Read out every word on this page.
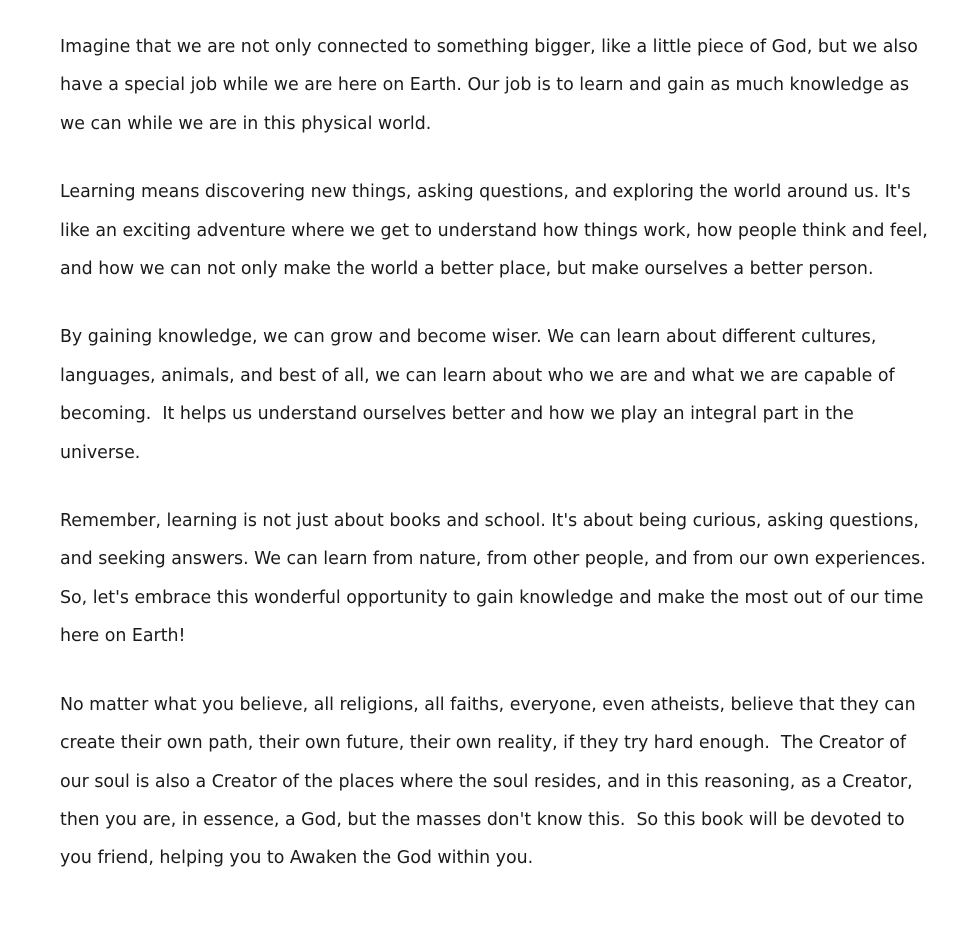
Imagine that we are not only connected to something bigger, like a little piece of God, but we also have a special job while we are here on Earth. Our job is to learn and gain as much knowledge as we can while we are in this physical world.

Learning means discovering new things, asking questions, and exploring the world around us. It's like an exciting adventure where we get to understand how things work, how people think and feel, and how we can not only make the world a better place, but make ourselves a better person.

By gaining knowledge, we can grow and become wiser. We can learn about different cultures, languages, animals, and best of all, we can learn about who we are and what we are capable of becoming.  It helps us understand ourselves better and how we play an integral part in the universe.

Remember, learning is not just about books and school. It's about being curious, asking questions, and seeking answers. We can learn from nature, from other people, and from our own experiences. So, let's embrace this wonderful opportunity to gain knowledge and make the most out of our time here on Earth!

No matter what you believe, all religions, all faiths, everyone, even atheists, believe that they can create their own path, their own future, their own reality, if they try hard enough.  The Creator of our soul is also a Creator of the places where the soul resides, and in this reasoning, as a Creator, then you are, in essence, a God, but the masses don't know this.  So this book will be devoted to you friend, helping you to Awaken the God within you.
